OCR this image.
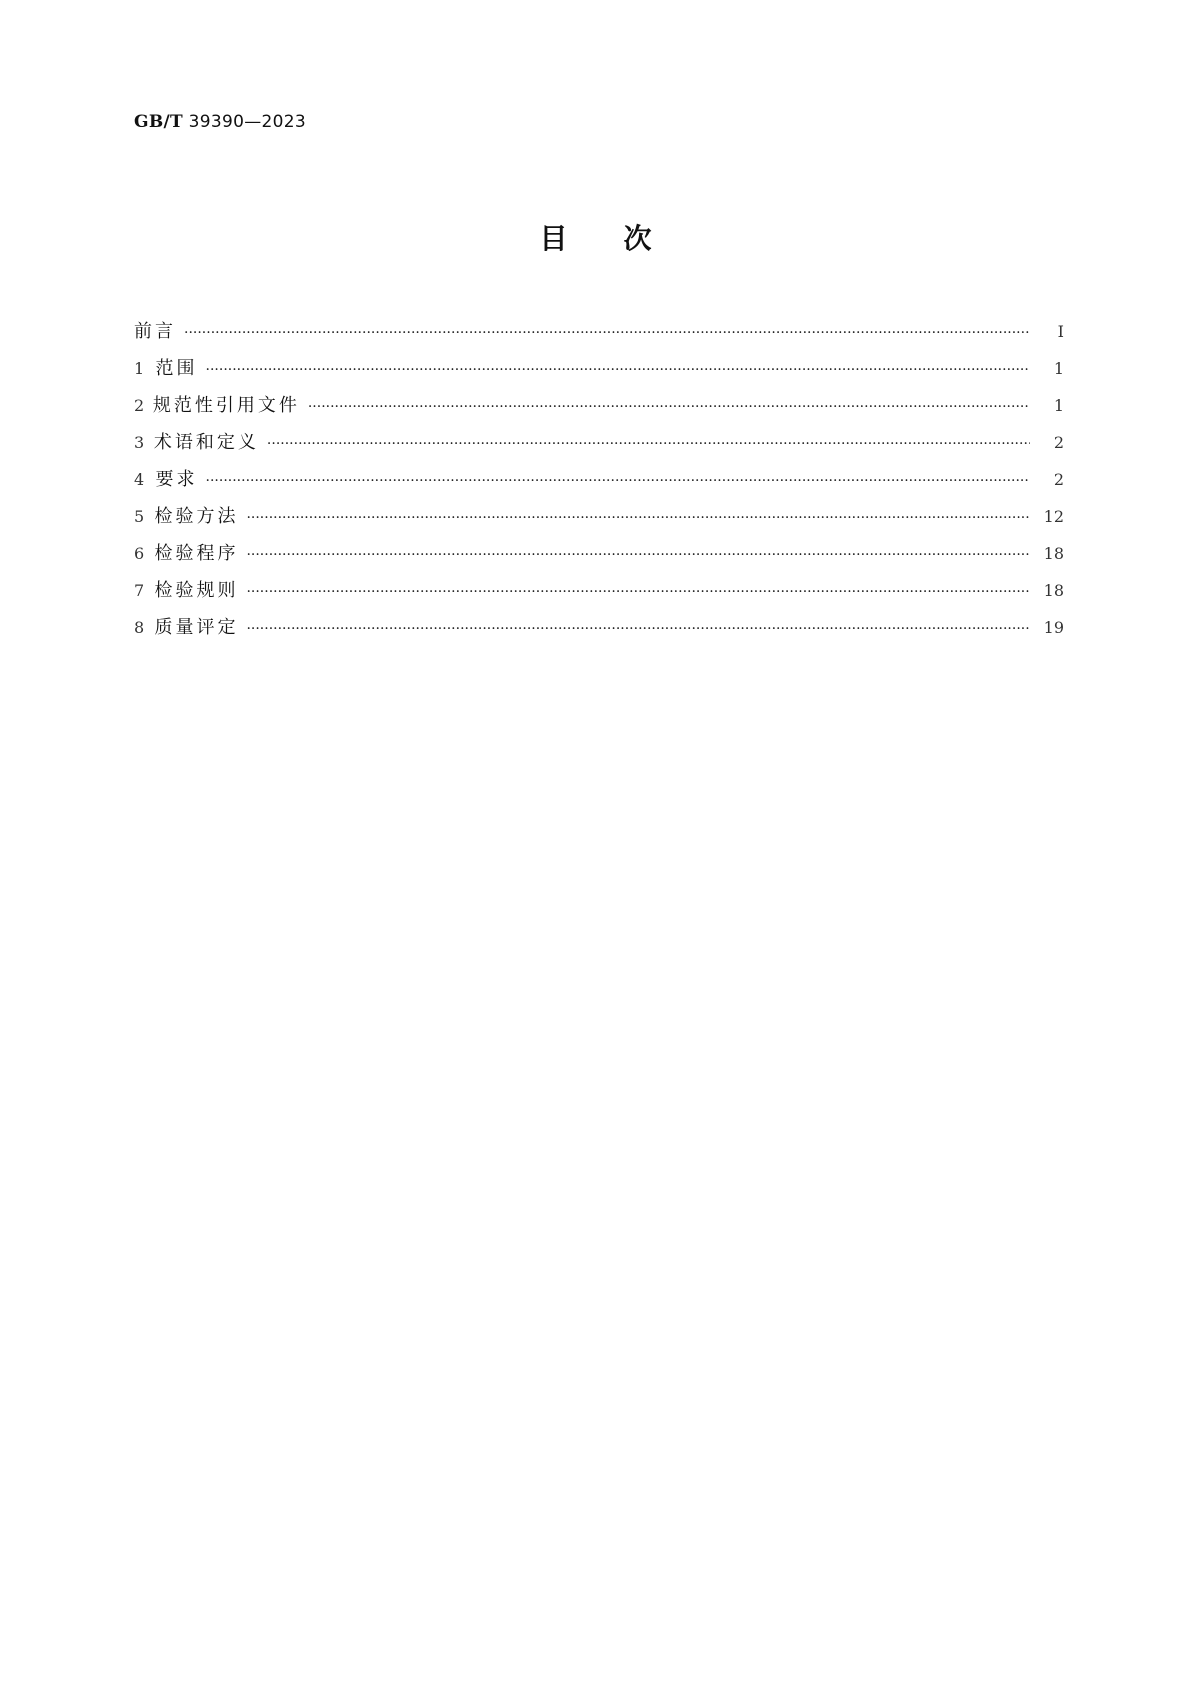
GB/T 39390—2023
目次
前言 ·····	Ⅰ
1 范围 ·····	1
2 规范性引用文件 ·····	1
3 术语和定义 ·····	2
4 要求 ·····	2
5 检验方法 ·····	12
6 检验程序 ·····	18
7 检验规则 ·····	18
8 质量评定 ·····	19
